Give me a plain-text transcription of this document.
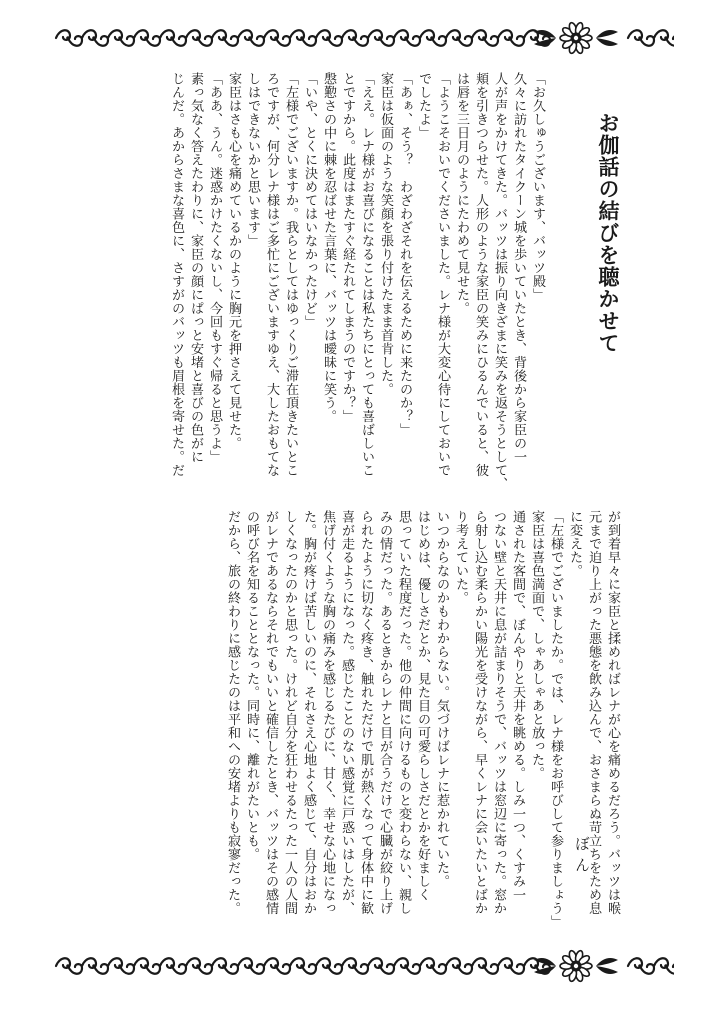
お伽話の結びを聴かせて
ぼん
「お久しゅうございます、バッツ殿」
久々に訪れたタイクーン城を歩いていたとき、背後から家臣の一
人が声をかけてきた。バッツは振り向きざまに笑みを返そうとして、
頬を引きつらせた。人形のような家臣の笑みにひるんでいると、彼
は唇を三日月のようにたわめて見せた。
「ようこそおいでくださいました。レナ様が大変心待にしておいで
でしたよ」
「あぁ、そう？　わざわざそれを伝えるために来たのか？」
家臣は仮面のような笑顔を張り付けたまま首肯した。
「ええ。レナ様がお喜びになることは私たちにとっても喜ばしいこ
とですから。此度はまたすぐ経たれてしまうのですか？」
慇懃さの中に棘を忍ばせた言葉に、バッツは曖昧に笑う。
「いや、とくに決めてはいなかったけど」
「左様でございますか。我らとしてはゆっくりご滞在頂きたいとこ
ろですが、何分レナ様はご多忙にございますゆえ、大したおもてな
しはできないかと思います」
家臣はさも心を痛めているかのように胸元を押さえて見せた。
「ああ、うん。迷惑かけたくないし、今回もすぐ帰ると思うよ」
素っ気なく答えたわりに、家臣の顔にぱっと安堵と喜びの色がに
じんだ。あからさまな喜色に、さすがのバッツも眉根を寄せた。だ
が到着早々に家臣と揉めればレナが心を痛めるだろう。バッツは喉
元まで迫り上がった悪態を飲み込んで、おさまらぬ苛立ちをため息
に変えた。
「左様でございましたか。では、レナ様をお呼びして参りましょう」
家臣は喜色満面で、しゃあしゃあと放った。
通された客間で、ぼんやりと天井を眺める。しみ一つ、くすみ一
つない壁と天井に息が詰まりそうで、バッツは窓辺に寄った。窓か
ら射し込む柔らかい陽光を受けながら、早くレナに会いたいとばか
り考えていた。
いつからなのかもわからない。気づけばレナに惹かれていた。
はじめは、優しさだとか、見た目の可愛らしさだとかを好ましく
思っていた程度だった。他の仲間に向けるものと変わらない、親し
みの情だった。あるときからレナと目が合うだけで心臓が絞り上げ
られたように切なく疼き、触れただけで肌が熱くなって身体中に歓
喜が走るようになった。感じたことのない感覚に戸惑いはしたが、
焦げ付くような胸の痛みを感じるたびに、甘く、幸せな心地になっ
た。胸が疼けば苦しいのに、それさえ心地よく感じて、自分はおか
しくなったのかと思った。けれど自分を狂わせるたった一人の人間
がレナであるならそれでもいいと確信したとき、バッツはその感情
の呼び名を知ることとなった。同時に、離れがたいとも。
だから、旅の終わりに感じたのは平和への安堵よりも寂寥だった。
